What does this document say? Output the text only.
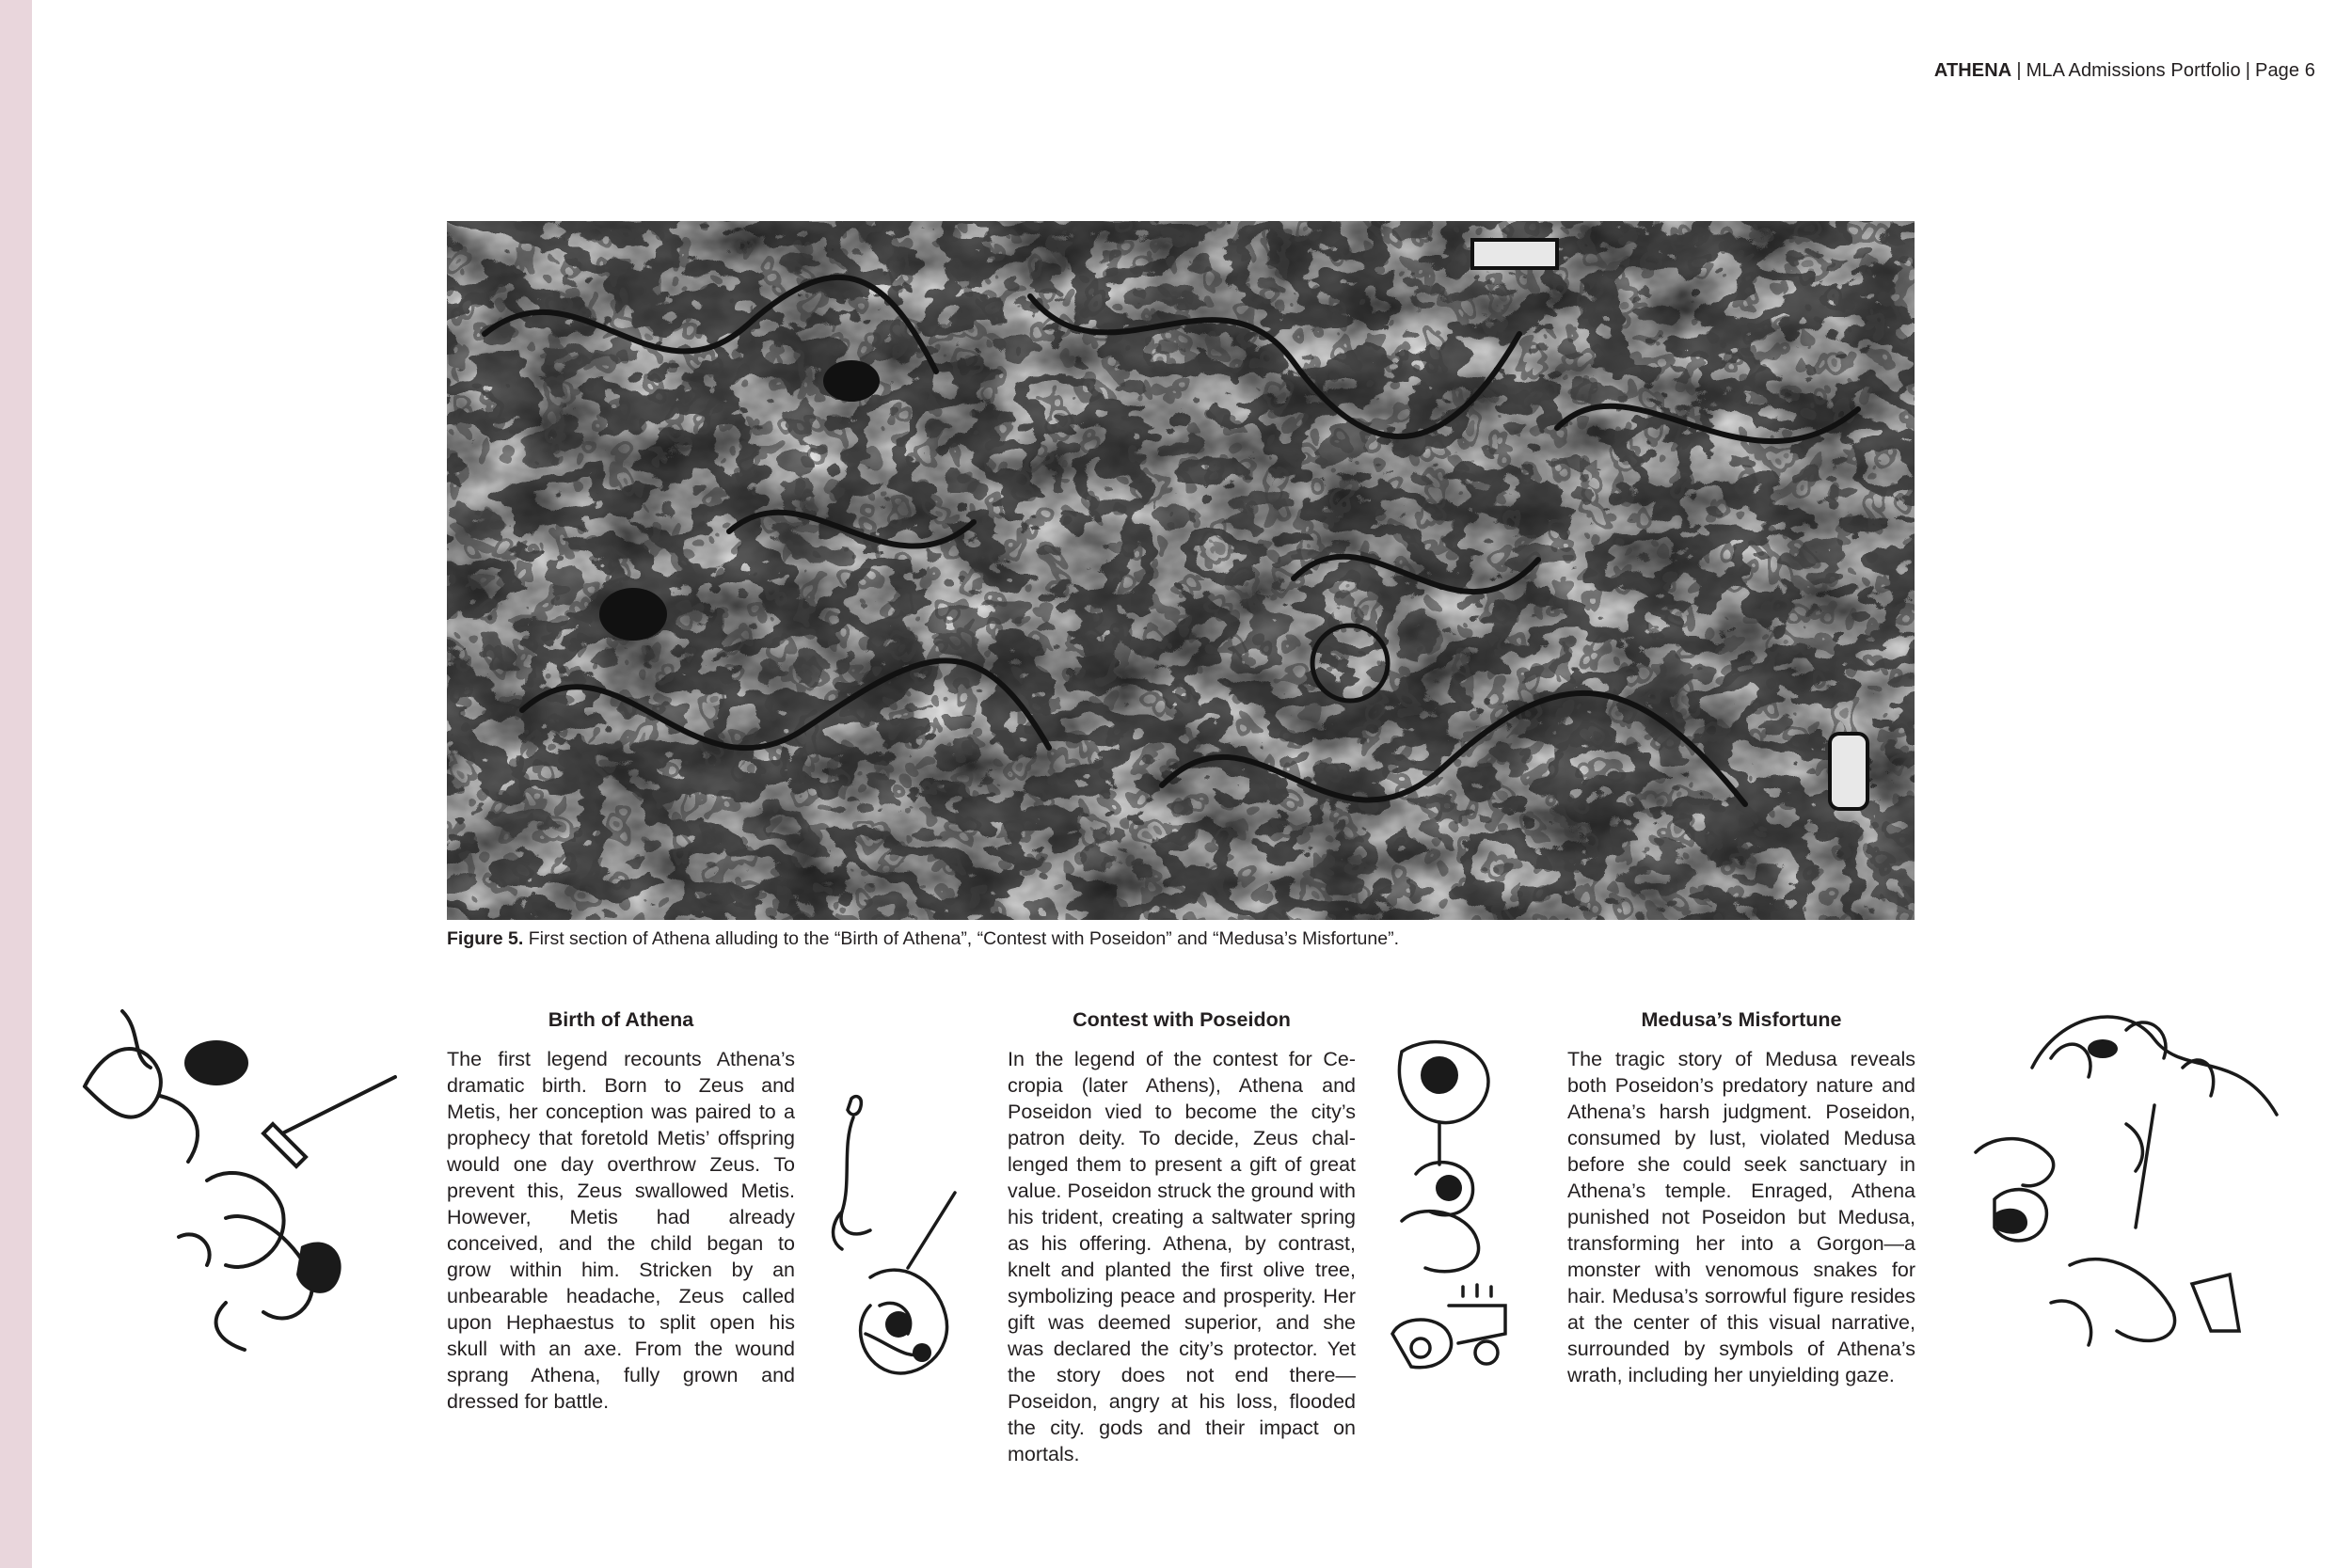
ATHENA | MLA Admissions Portfolio | Page 6
Figure 5. First section of Athena alluding to the “Birth of Athena”, “Contest with Poseidon” and “Medusa’s Misfortune”.
Birth of Athena

The first legend recounts Athena’s dramatic birth. Born to Zeus and Metis, her conception was paired to a prophecy that foretold Metis’ offspring would one day overthrow Zeus. To prevent this, Zeus swallowed Metis. However, Metis had already conceived, and the child began to grow within him. Stricken by an unbearable headache, Zeus called upon Hephaestus to split open his skull with an axe. From the wound sprang Athena, fully grown and dressed for battle.

Contest with Poseidon

In the legend of the contest for Cecropia (later Athens), Athena and Poseidon vied to become the city’s patron deity. To decide, Zeus challenged them to present a gift of great value. Poseidon struck the ground with his trident, creating a saltwater spring as his offering. Athena, by contrast, knelt and planted the first olive tree, symbolizing peace and prosperity. Her gift was deemed superior, and she was declared the city’s protector. Yet the story does not end there—Poseidon, angry at his loss, flooded the city. gods and their impact on mortals.

Medusa’s Misfortune

The tragic story of Medusa reveals both Poseidon’s predatory nature and Athena’s harsh judgment. Poseidon, consumed by lust, violated Medusa before she could seek sanctuary in Athena’s temple. Enraged, Athena punished not Poseidon but Medusa, transforming her into a Gorgon—a monster with venomous snakes for hair. Medusa’s sorrowful figure resides at the center of this visual narrative, surrounded by symbols of Athena’s wrath, including her unyielding gaze.
